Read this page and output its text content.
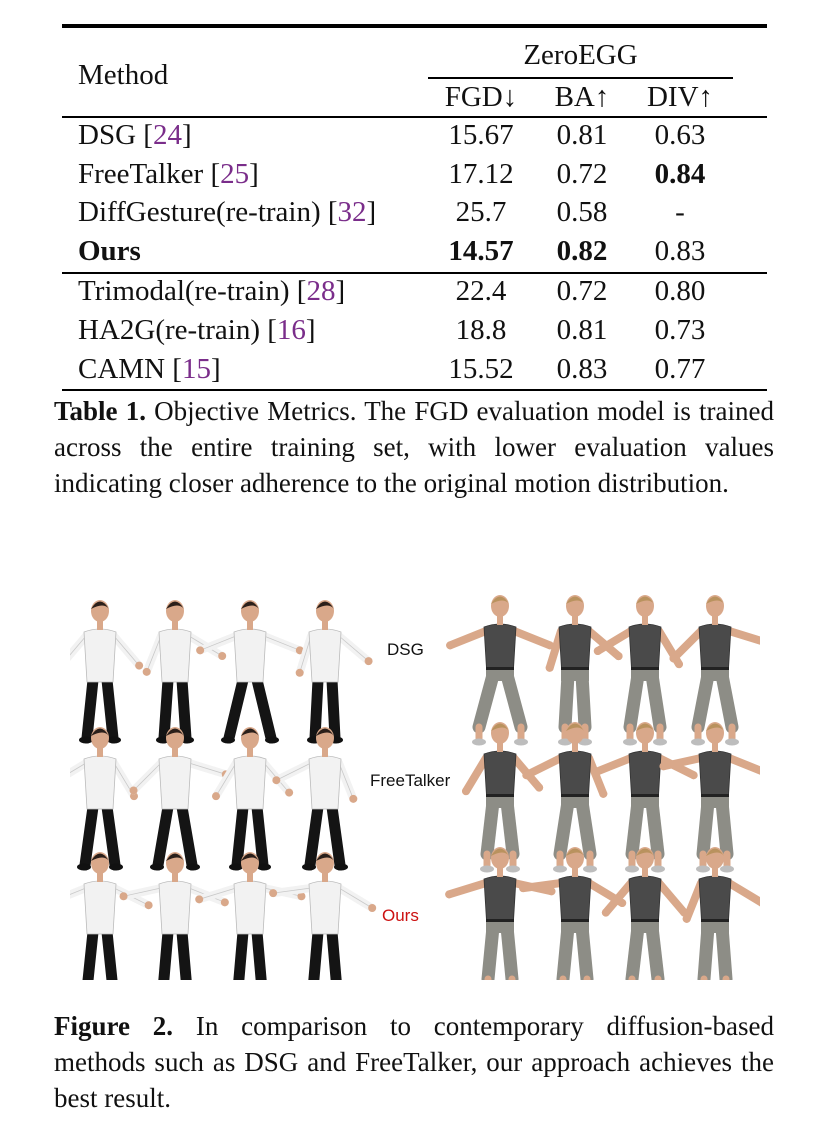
Method
ZeroEGG
FGD↓	BA↑	DIV↑
DSG [24]	15.67	0.81	0.63
FreeTalker [25]	17.12	0.72	0.84
DiffGesture(re-train) [32]	25.7	0.58	-
Ours	14.57	0.82	0.83
Trimodal(re-train) [28]	22.4	0.72	0.80
HA2G(re-train) [16]	18.8	0.81	0.73
CAMN [15]	15.52	0.83	0.77
Table 1. Objective Metrics. The FGD evaluation model is trained across the entire training set, with lower evaluation values indicating closer adherence to the original motion distribution.
DSG
FreeTalker
Ours
Figure 2. In comparison to contemporary diffusion-based methods such as DSG and FreeTalker, our approach achieves the best result.
